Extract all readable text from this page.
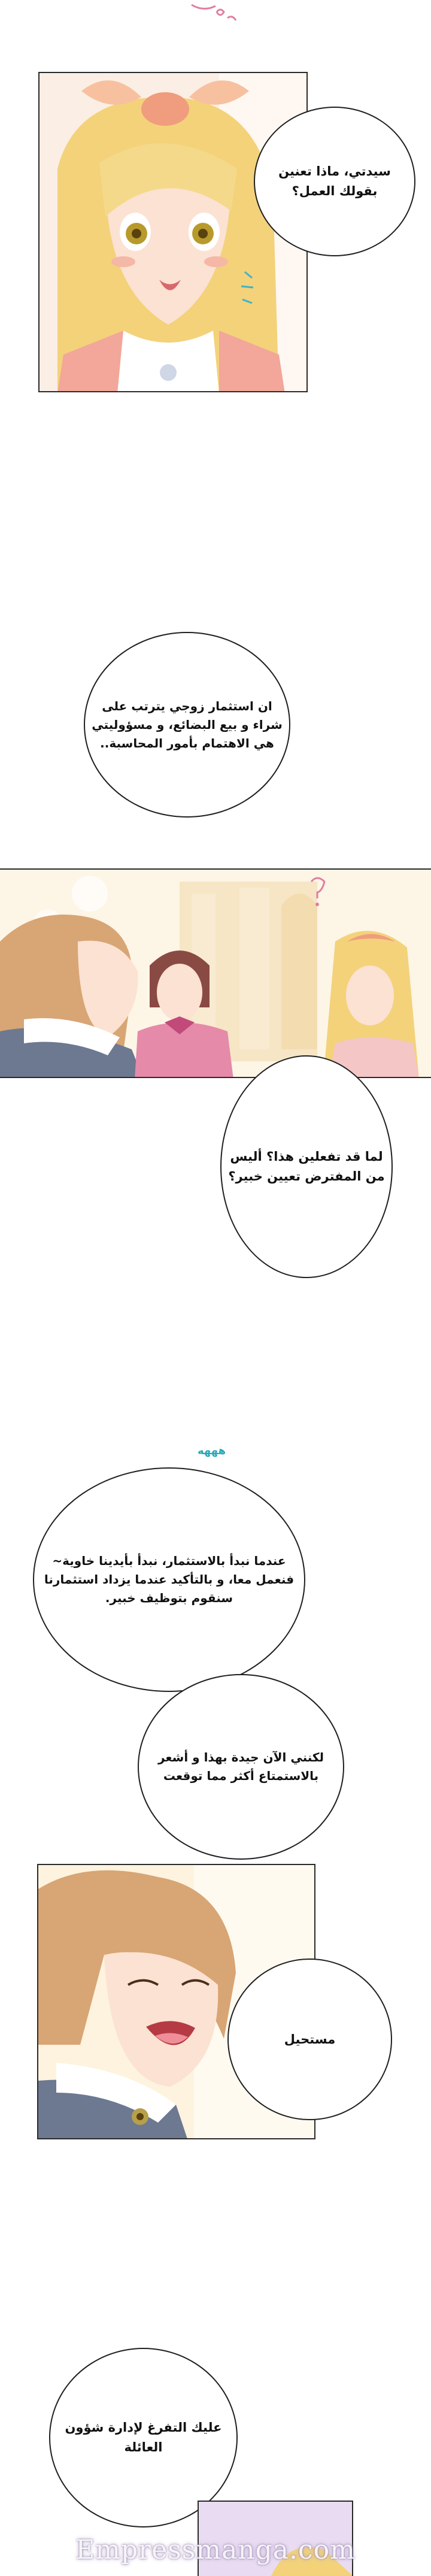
سيدتي، ماذا تعنين بقولك العمل؟
ان استثمار زوجي يترتب على شراء و بيع البضائع، و مسؤوليتي هي الاهتمام بأمور المحاسبة..
لما قد تفعلين هذا؟ أليس من المفترض تعيين خبير؟
هههه
عندما نبدأ بالاستثمار، نبدأ بأيدينا خاوية~ فنعمل معا، و بالتأكيد عندما يزداد استثمارنا سنقوم بتوظيف خبير.
لكنني الآن جيدة بهذا و أشعر بالاستمتاع أكثر مما توقعت
مستحيل
عليك التفرغ لإدارة شؤون العائلة
Empressmanga.com
